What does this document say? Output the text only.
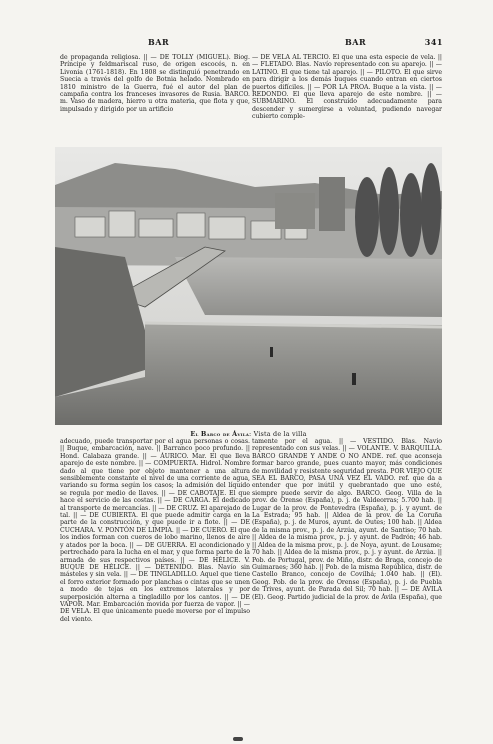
BAR	BAR	341

de propaganda religiosa. || — DE TOLLY (MIGUEL). Biog. Príncipe y feldmariscal ruso, de origen escocés, n. en Livonia (1761-1818). En 1808 se distinguió penetrando en Suecia a través del golfo de Botnia helado. Nombrado en 1810 ministro de la Guerra, fué el autor del plan de campaña contra los franceses invasores de Rusia. BARCO. m. Vaso de madera, hierro u otra materia, que flota y que, impulsado y dirigido por un artificio

— DE VELA AL TERCIO. El que una esta especie de vela. || — FLETADO. Blas. Navío representado con su aparejo. || — LATINO. El que tiene tal aparejo. || — PILOTO. El que sirve para dirigir a los demás buques cuando entran en ciertos puertos difíciles. || — POR LA PROA. Buque a la vista. || — REDONDO. El que lleva aparejo de este nombre. || — SUBMARINO. El construído adecuadamente para descender y sumergirse a voluntad, pudiendo navegar cubierto comple-

El Barco de Ávila: Vista de la villa

adecuado, puede transportar por el agua personas o cosas. || Buque, embarcación, nave. || Barranco poco profundo. || Hond. Calabaza grande. || — ÁURICO. Mar. El que lleva aparejo de este nombre. || — COMPUERTA. Hidrol. Nombre dado al que tiene por objeto mantener a una altura sensiblemente constante el nivel de una corriente de agua, variando su forma según los casos; la admisión del líquido se regula por medio de llaves. || — DE CABOTAJE. El que hace el servicio de las costas. || — DE CARGA. El dedicado al transporte de mercancías. || — DE CRUZ. El aparejado de tal. || — DE CUBIERTA. El que puede admitir carga en la parte de la construcción, y que puede ir a flote. || — DE CUCHARA. V. PONTÓN DE LIMPIA. || — DE CUERO. El que los indios forman con cueros de lobo marino, llenos de aire y atados por la boca. || — DE GUERRA. El acondicionado y pertrechado para la lucha en el mar, y que forma parte de la armada de sus respectivos países. || — DE HÉLICE. V. BUQUE DE HÉLICE. || — DETENIDO. Blas. Navío sin másteles y sin vela. || — DE TINGLADILLO. Aquel que tiene el forro exterior formado por planchas o cintas que se unen a modo de tejas en los extremos laterales y por superposición alterna a tingladillo por los cantos. || — DE VAPOR. Mar. Embarcación movida por fuerza de vapor. || — DE VELA. El que únicamente puede moverse por el impulso del viento.

tamente por el agua. || — VESTIDO. Blas. Navío representado con sus velas. || — VOLANTE. V. BARQUILLA. BARCO GRANDE Y ANDE O NO ANDE. ref. que aconseja formar barco grande, pues cuanto mayor, más condiciones de movilidad y resistente seguridad presta. POR VIEJO QUE SEA EL BARCO, PASA UNA VEZ EL VADO. ref. que da a entender que por inútil y quebrantado que uno esté, siempre puede servir de algo. BARCO. Geog. Villa de la prov. de Orense (España), p. j. de Valdeorras; 5.700 hab. || Lugar de la prov. de Pontevedra (España), p. j. y ayunt. de La Estrada; 95 hab. || Aldea de la prov. de La Coruña (España), p. j. de Muros, ayunt. de Outes; 100 hab. || Aldea de la misma prov., p. j. de Arzúa, ayunt. de Santiso; 70 hab. || Aldea de la misma prov., p. j. y ayunt. de Padrón; 46 hab. || Aldea de la misma prov., p. j. de Noya, ayunt. de Lousame; 70 hab. || Aldea de la misma prov., p. j. y ayunt. de Arzúa. || Pob. de Portugal, prov. de Miño, distr. de Braga, concejo de Guimaraes; 360 hab. || Pob. de la misma República, distr. de Castello Branco, concejo de Covilhá; 1.040 hab. || (El). Geog. Pob. de la prov. de Orense (España), p. j. de Puebla de Trives, ayunt. de Parada del Sil; 70 hab. || — DE ÁVILA (El). Geog. Partido judicial de la prov. de Ávila (España), que
